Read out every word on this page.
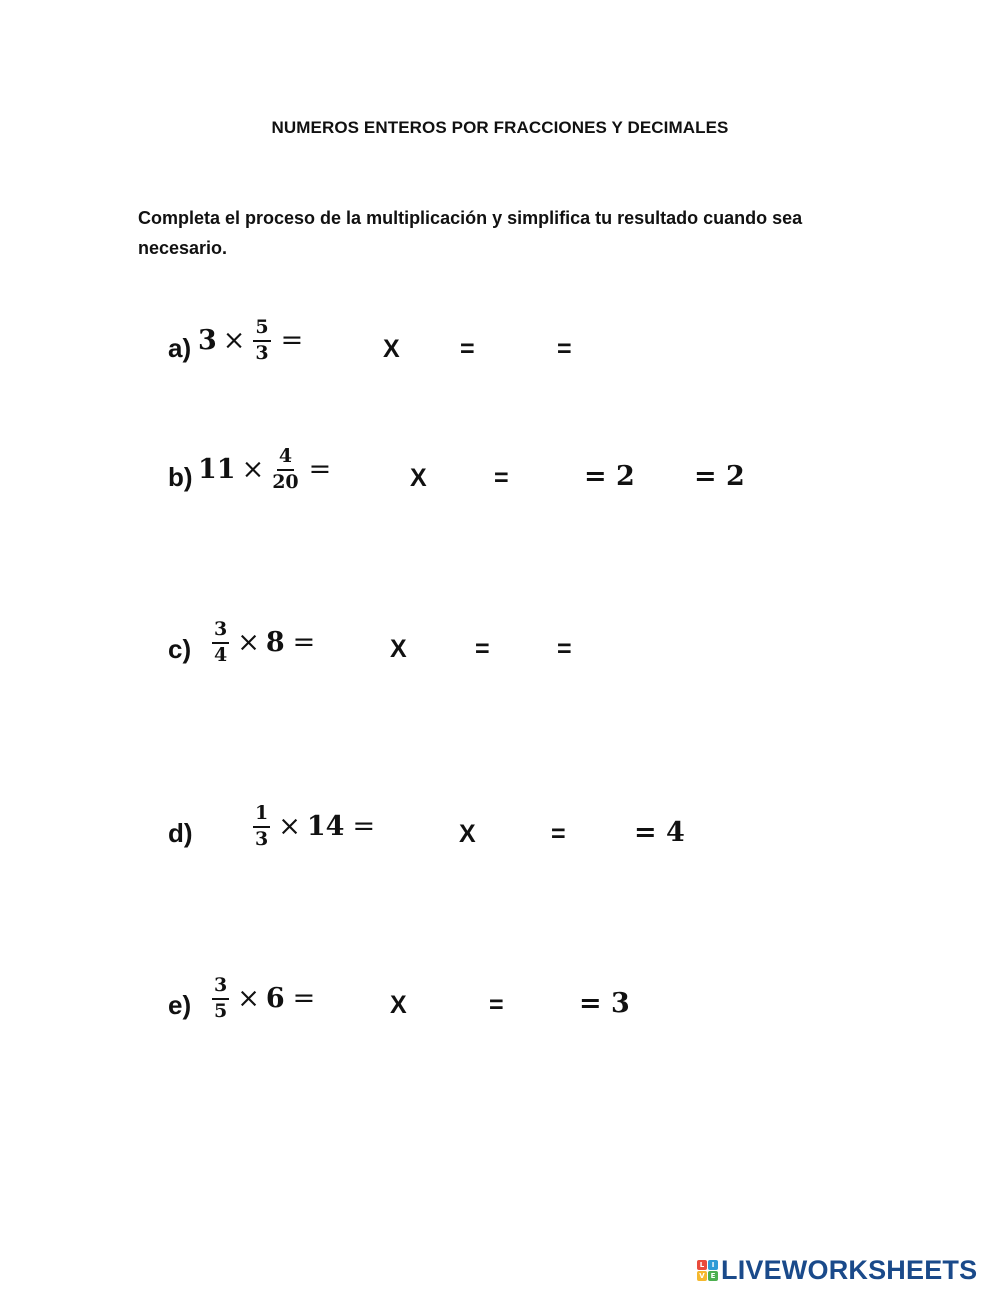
NUMEROS ENTEROS POR FRACCIONES Y DECIMALES
Completa el proceso de la multiplicación y simplifica tu resultado cuando sea necesario.
a) $3 \times \frac{5}{3}$ =	X =	=
b) $11 \times \frac{4}{20}$ =	X	=	= 2 = 2
$c) \frac{3}{4} \times 8$ =	X	=	=
d)	$\frac{1}{3} \times 14$ =	X	=	= 4
$e) \frac{3}{5} \times 6$ =	X	=	= 3
L	I
V E LIVEWORKSHEETS
